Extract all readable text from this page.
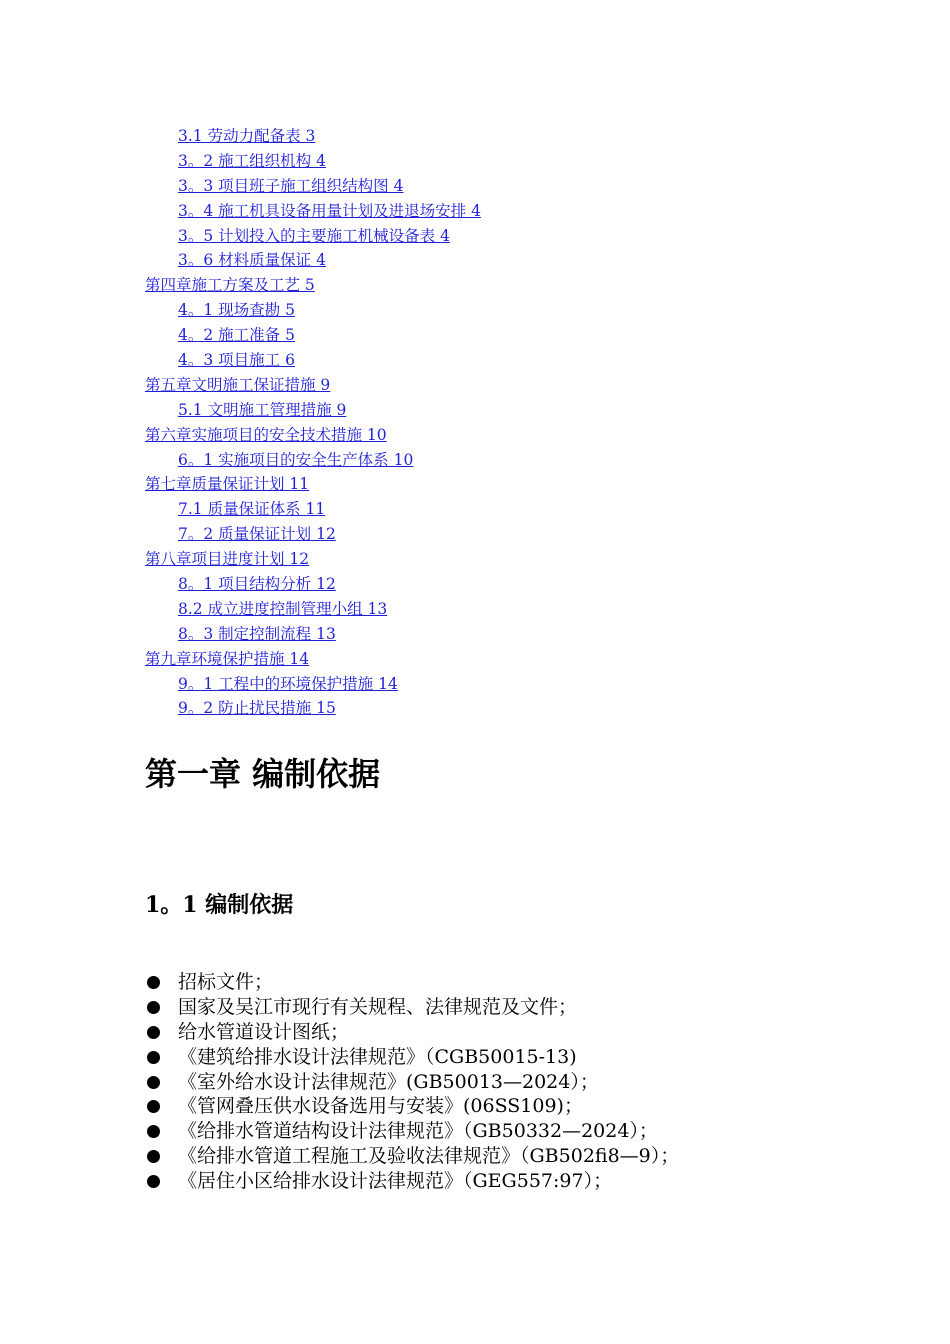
3.1 劳动力配备表 3
3。2 施工组织机构 4
3。3 项目班子施工组织结构图 4
3。4 施工机具设备用量计划及进退场安排 4
3。5 计划投入的主要施工机械设备表 4
3。6 材料质量保证 4
第四章施工方案及工艺 5
4。1 现场查勘 5
4。2 施工准备 5
4。3 项目施工 6
第五章文明施工保证措施 9
5.1 文明施工管理措施 9
第六章实施项目的安全技术措施 10
6。1 实施项目的安全生产体系 10
第七章质量保证计划 11
7.1 质量保证体系 11
7。2 质量保证计划 12
第八章项目进度计划 12
8。1 项目结构分析 12
8.2 成立进度控制管理小组 13
8。3 制定控制流程 13
第九章环境保护措施 14
9。1 工程中的环境保护措施 14
9。2 防止扰民措施 15
第一章 编制依据
1。1 编制依据
招标文件；
国家及吴江市现行有关规程、法律规范及文件；
给水管道设计图纸；
《建筑给排水设计法律规范》（CGB50015-13)
《室外给水设计法律规范》(GB50013—2024）；
《管网叠压供水设备选用与安装》(06SS109)；
《给排水管道结构设计法律规范》（GB50332—2024）；
《给排水管道工程施工及验收法律规范》（GB502fi8—9）；
《居住小区给排水设计法律规范》（GEG557:97）；
